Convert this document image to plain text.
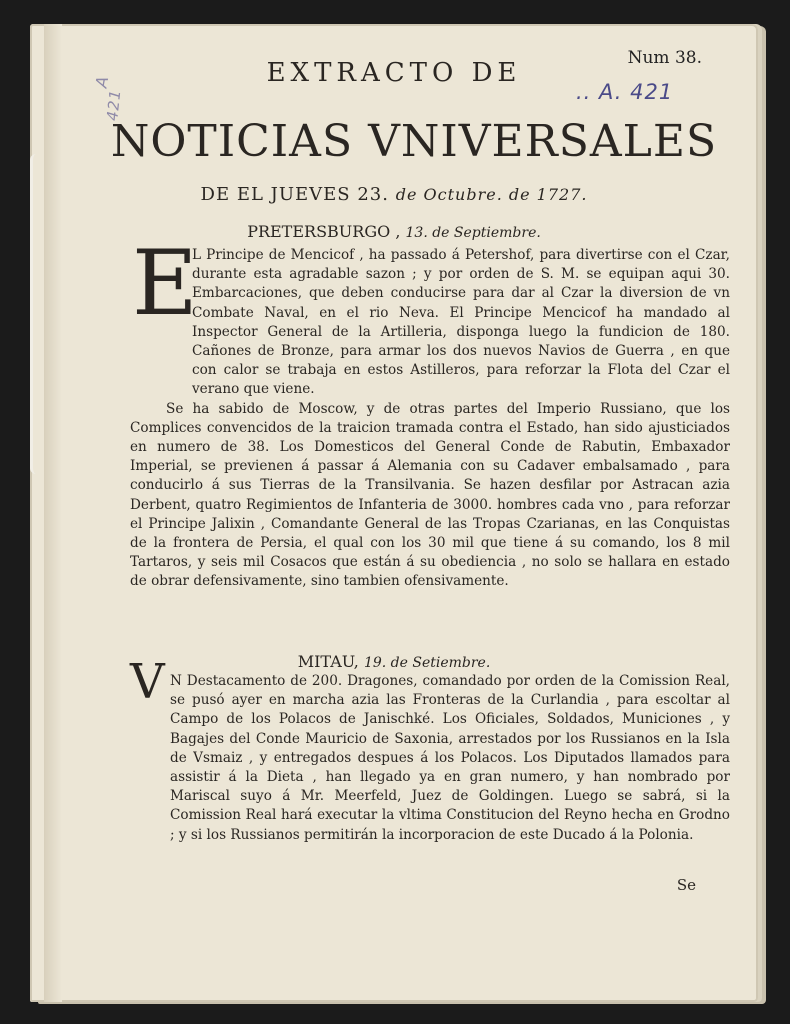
A
421
Num 38.
.. A. 421
EXTRACTO DE
NOTICIAS VNIVERSALES
DE EL JUEVES 23. de Octubre. de 1727.
PRETERSBURGO , 13. de Septiembre.
E

L Principe de Mencicof , ha passado á Petershof, para divertirse con el Czar, durante esta agradable sazon ; y por orden de S. M. se equipan aqui 30. Embarcaciones, que deben conducirse para dar al Czar la diversion de vn Combate Naval, en el rio Neva. El Principe Mencicof ha mandado al Inspector General de la Artilleria, disponga luego la fundicion de 180. Cañones de Bronze, para armar los dos nuevos Navios de Guerra , en que con calor se trabaja en estos Astilleros, para reforzar la Flota del Czar el verano que viene.

Se ha sabido de Moscow, y de otras partes del Imperio Russiano, que los Complices convencidos de la traicion tramada contra el Estado, han sido ajusticiados en numero de 38. Los Domesticos del General Conde de Rabutin, Embaxador Imperial, se previenen á passar á Alemania con su Cadaver embalsamado , para conducirlo á sus Tierras de la Transilvania. Se hazen desfilar por Astracan azia Derbent, quatro Regimientos de Infanteria de 3000. hombres cada vno , para reforzar el Principe Jalixin , Comandante General de las Tropas Czarianas, en las Conquistas de la frontera de Persia, el qual con los 30 mil que tiene á su comando, los 8 mil Tartaros, y seis mil Cosacos que están á su obediencia , no solo se hallara en estado de obrar defensivamente, sino tambien ofensivamente.

MITAU, 19. de Setiembre.
V N Destacamento de 200. Dragones, comandado por orden de la Comission Real, se pusó ayer en marcha azia las Fronteras de la Curlandia , para escoltar al Campo de los Polacos de Janischké. Los Oficiales, Soldados, Municiones , y Bagajes del Conde Mauricio de Saxonia, arrestados por los Russianos en la Isla de Vsmaiz , y entregados despues á los Polacos. Los Diputados llamados para assistir á la Dieta , han llegado ya en gran numero, y han nombrado por Mariscal suyo á Mr. Meerfeld, Juez de Goldingen. Luego se sabrá, si la Comission Real hará executar la vltima Constitucion del Reyno hecha en Grodno ; y si los Russianos permitirán la incorporacion de este Ducado á la Polonia.

Se
